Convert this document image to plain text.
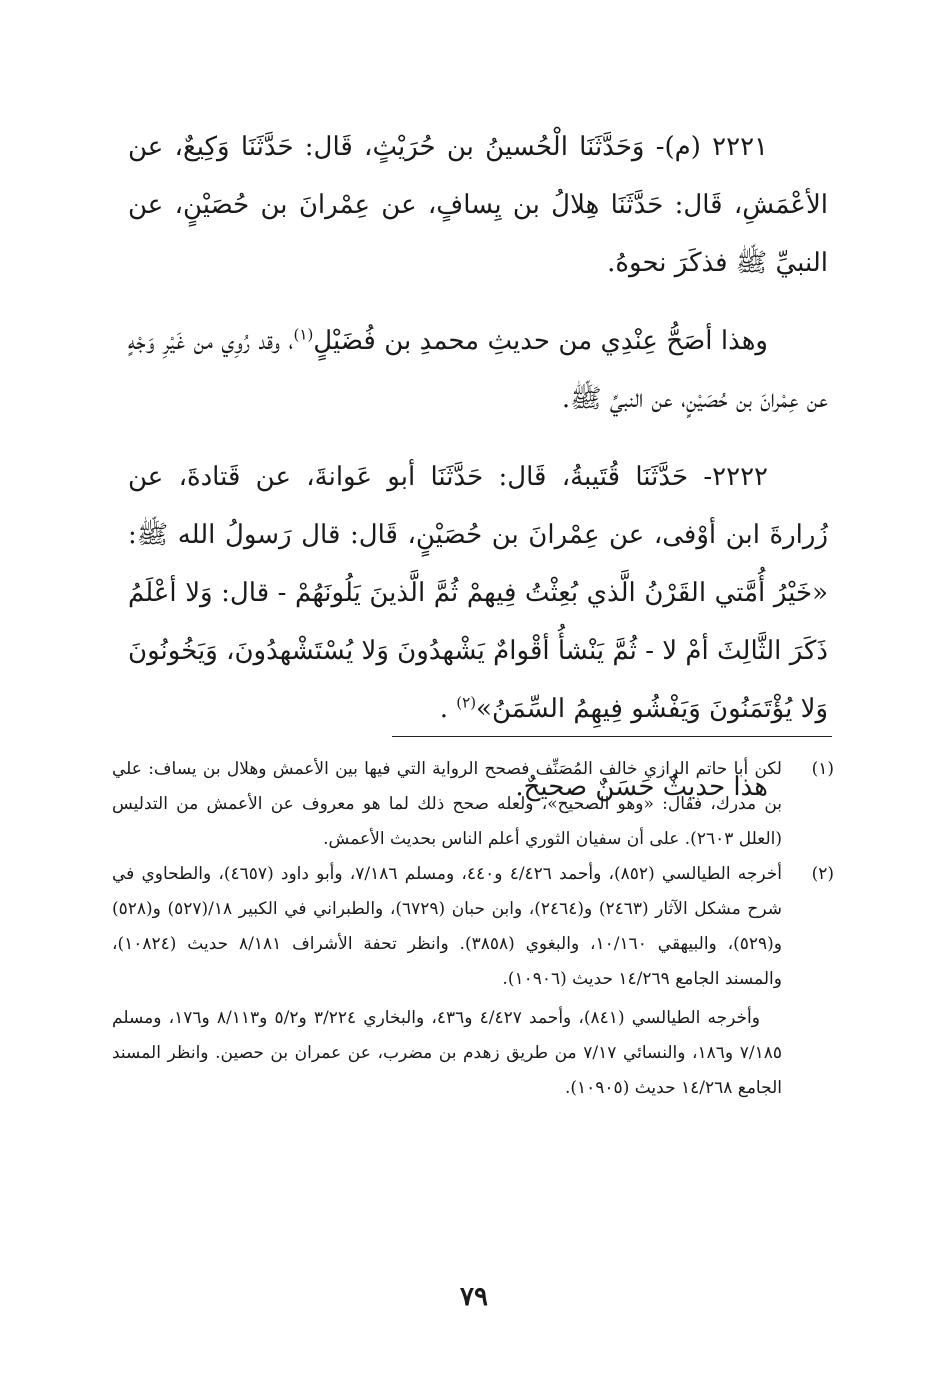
٢٢٢١ (م)- وَحَدَّثَنَا الْحُسينُ بن حُرَيْثٍ، قَال: حَدَّثَنَا وَكِيعٌ، عن الأعْمَشِ، قَال: حَدَّثَنَا هِلالُ بن يِسافٍ، عن عِمْرانَ بن حُصَيْنٍ، عن النبيِّ ﷺ فذكَرَ نحوهُ.

وهذا أصَحُّ عِنْدِي من حديثِ محمدِ بن فُضَيْلٍ$^{(١)}$، وقد رُوِي من غَيْرِ وَجْهٍ عن عِمْرانَ بن حُصَيْنٍ، عن النبيِّ ﷺ.

٢٢٢٢- حَدَّثَنَا قُتَيبةُ، قَال: حَدَّثَنَا أبو عَوانةَ، عن قَتادةَ، عن زُرارةَ ابن أوْفى، عن عِمْرانَ بن حُصَيْنٍ، قَال: قال رَسولُ الله ﷺ: «خَيْرُ أُمَّتي القَرْنُ الَّذي بُعِثْتُ فِيهمْ ثُمَّ الَّذينَ يَلُونَهُمْ - قال: وَلا أعْلَمُ ذَكَرَ الثَّالِثَ أمْ لا - ثُمَّ يَنْشأُ أقْوامٌ يَشْهدُونَ وَلا يُسْتَشْهدُونَ، وَيَخُونُونَ وَلا يُؤْتَمَنُونَ وَيَفْشُو فِيهِمُ السِّمَنُ»$^{(٢)}$ .

هذا حديثٌ حَسَنٌ صحيحٌ.

(١)
لكن أبا حاتم الرازي خالف المُصَنِّف فصحح الرواية التي فيها بين الأعمش وهلال بن يساف: علي بن مدرك، فقال: «وهو الصحيح»، ولعله صحح ذلك لما هو معروف عن الأعمش من التدليس (العلل ٢٦٠٣). على أن سفيان الثوري أعلم الناس بحديث الأعمش.

(٢)
أخرجه الطيالسي (٨٥٢)، وأحمد ٤/٤٢٦ و٤٤٠، ومسلم ٧/١٨٦، وأبو داود (٤٦٥٧)، والطحاوي في شرح مشكل الآثار (٢٤٦٣) و(٢٤٦٤)، وابن حبان (٦٧٢٩)، والطبراني في الكبير ١٨/(٥٢٧) و(٥٢٨) و(٥٢٩)، والبيهقي ١٠/١٦٠، والبغوي (٣٨٥٨). وانظر تحفة الأشراف ٨/١٨١ حديث (١٠٨٢٤)، والمسند الجامع ١٤/٢٦٩ حديث (١٠٩٠٦).

وأخرجه الطيالسي (٨٤١)، وأحمد ٤/٤٢٧ و٤٣٦، والبخاري ٣/٢٢٤ و٥/٢ و٨/١١٣ و١٧٦، ومسلم ٧/١٨٥ و١٨٦، والنسائي ٧/١٧ من طريق زهدم بن مضرب، عن عمران بن حصين. وانظر المسند الجامع ١٤/٢٦٨ حديث (١٠٩٠٥).

٧٩
